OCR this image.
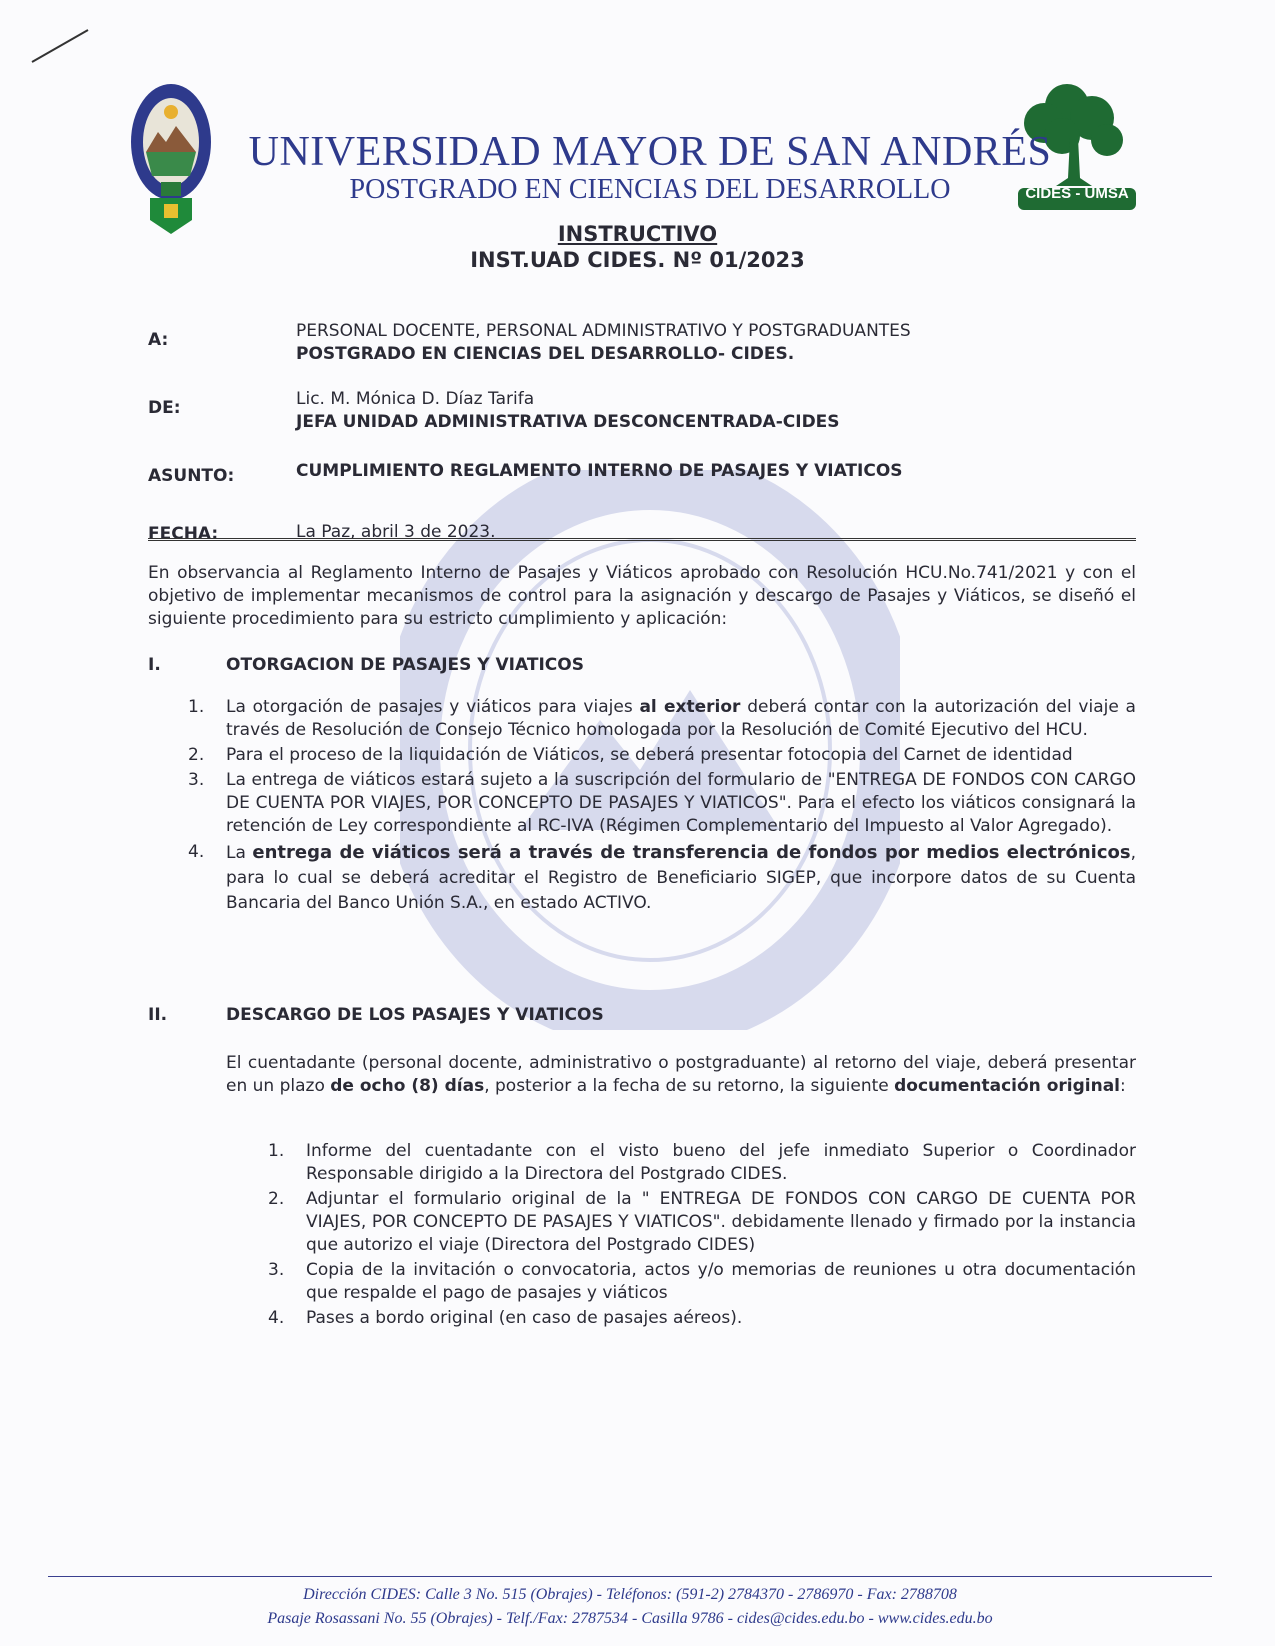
CIDES - UMSA
UNIVERSIDAD MAYOR DE SAN ANDRÉS
POSTGRADO EN CIENCIAS DEL DESARROLLO
INSTRUCTIVO
INST.UAD CIDES. Nº 01/2023
A:	PERSONAL DOCENTE, PERSONAL ADMINISTRATIVO Y POSTGRADUANTES
POSTGRADO EN CIENCIAS DEL DESARROLLO- CIDES.
DE:	Lic. M. Mónica D. Díaz Tarifa
JEFA UNIDAD ADMINISTRATIVA DESCONCENTRADA-CIDES
ASUNTO:	CUMPLIMIENTO REGLAMENTO INTERNO DE PASAJES Y VIATICOS
FECHA:	La Paz, abril 3 de 2023.
En observancia al Reglamento Interno de Pasajes y Viáticos aprobado con Resolución HCU.No.741/2021 y con el objetivo de implementar mecanismos de control para la asignación y descargo de Pasajes y Viáticos, se diseñó el siguiente procedimiento para su estricto cumplimiento y aplicación:
I.	OTORGACION DE PASAJES Y VIATICOS
1. La otorgación de pasajes y viáticos para viajes al exterior deberá contar con la autorización del viaje a través de Resolución de Consejo Técnico homologada por la Resolución de Comité Ejecutivo del HCU.
2. Para el proceso de la liquidación de Viáticos, se deberá presentar fotocopia del Carnet de identidad
3. La entrega de viáticos estará sujeto a la suscripción del formulario de "ENTREGA DE FONDOS CON CARGO DE CUENTA POR VIAJES, POR CONCEPTO DE PASAJES Y VIATICOS". Para el efecto los viáticos consignará la retención de Ley correspondiente al RC-IVA (Régimen Complementario del Impuesto al Valor Agregado).
4. La entrega de viáticos será a través de transferencia de fondos por medios electrónicos, para lo cual se deberá acreditar el Registro de Beneficiario SIGEP, que incorpore datos de su Cuenta Bancaria del Banco Unión S.A., en estado ACTIVO.
II.	DESCARGO DE LOS PASAJES Y VIATICOS
El cuentadante (personal docente, administrativo o postgraduante) al retorno del viaje, deberá presentar en un plazo de ocho (8) días, posterior a la fecha de su retorno, la siguiente documentación original:
1. Informe del cuentadante con el visto bueno del jefe inmediato Superior o Coordinador Responsable dirigido a la Directora del Postgrado CIDES.
2. Adjuntar el formulario original de la " ENTREGA DE FONDOS CON CARGO DE CUENTA POR VIAJES, POR CONCEPTO DE PASAJES Y VIATICOS". debidamente llenado y firmado por la instancia que autorizo el viaje (Directora del Postgrado CIDES)
3. Copia de la invitación o convocatoria, actos y/o memorias de reuniones u otra documentación que respalde el pago de pasajes y viáticos
4. Pases a bordo original (en caso de pasajes aéreos).
Dirección CIDES: Calle 3 No. 515 (Obrajes) - Teléfonos: (591-2) 2784370 - 2786970 - Fax: 2788708
Pasaje Rosassani No. 55 (Obrajes) - Telf./Fax: 2787534 - Casilla 9786 - cides@cides.edu.bo - www.cides.edu.bo
